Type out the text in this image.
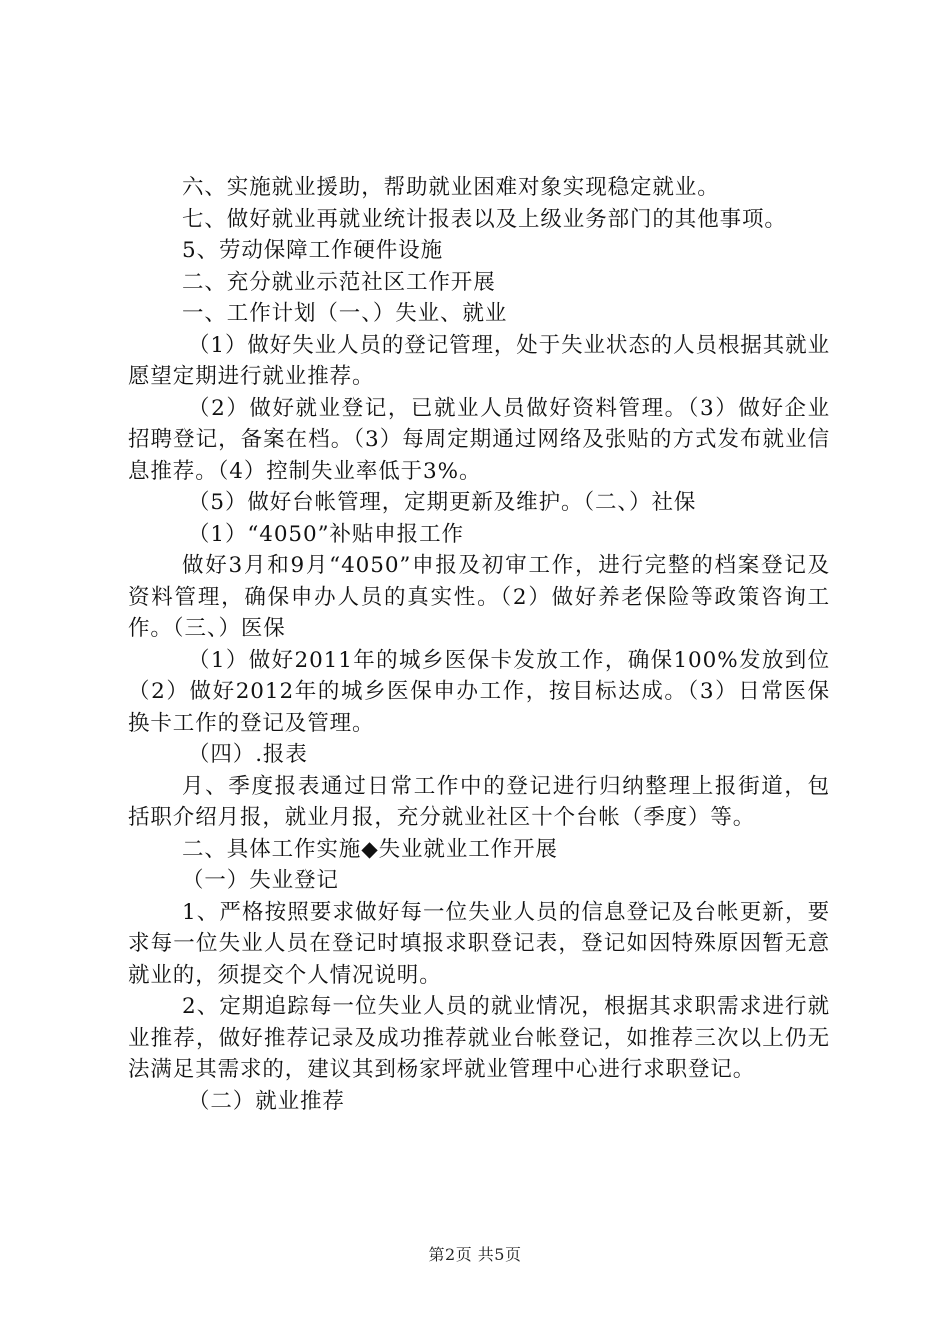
六、实施就业援助，帮助就业困难对象实现稳定就业。

七、做好就业再就业统计报表以及上级业务部门的其他事项。

5、劳动保障工作硬件设施

二、充分就业示范社区工作开展

一、工作计划（一、）失业、就业

（1）做好失业人员的登记管理，处于失业状态的人员根据其就业愿望定期进行就业推荐。

（2）做好就业登记，已就业人员做好资料管理。（3）做好企业招聘登记，备案在档。（3）每周定期通过网络及张贴的方式发布就业信息推荐。（4）控制失业率低于3%。

（5）做好台帐管理，定期更新及维护。（二、）社保

（1）“4050”补贴申报工作

做好3月和9月“4050”申报及初审工作，进行完整的档案登记及资料管理，确保申办人员的真实性。（2）做好养老保险等政策咨询工作。（三、）医保

（1）做好2011年的城乡医保卡发放工作，确保100%发放到位（2）做好2012年的城乡医保申办工作，按目标达成。（3）日常医保换卡工作的登记及管理。

（四）.报表

月、季度报表通过日常工作中的登记进行归纳整理上报街道，包括职介绍月报，就业月报，充分就业社区十个台帐（季度）等。

二、具体工作实施◆失业就业工作开展

（一）失业登记

1、严格按照要求做好每一位失业人员的信息登记及台帐更新，要求每一位失业人员在登记时填报求职登记表，登记如因特殊原因暂无意就业的，须提交个人情况说明。

2、定期追踪每一位失业人员的就业情况，根据其求职需求进行就业推荐，做好推荐记录及成功推荐就业台帐登记，如推荐三次以上仍无法满足其需求的，建议其到杨家坪就业管理中心进行求职登记。

（二）就业推荐

第2页 共5页
